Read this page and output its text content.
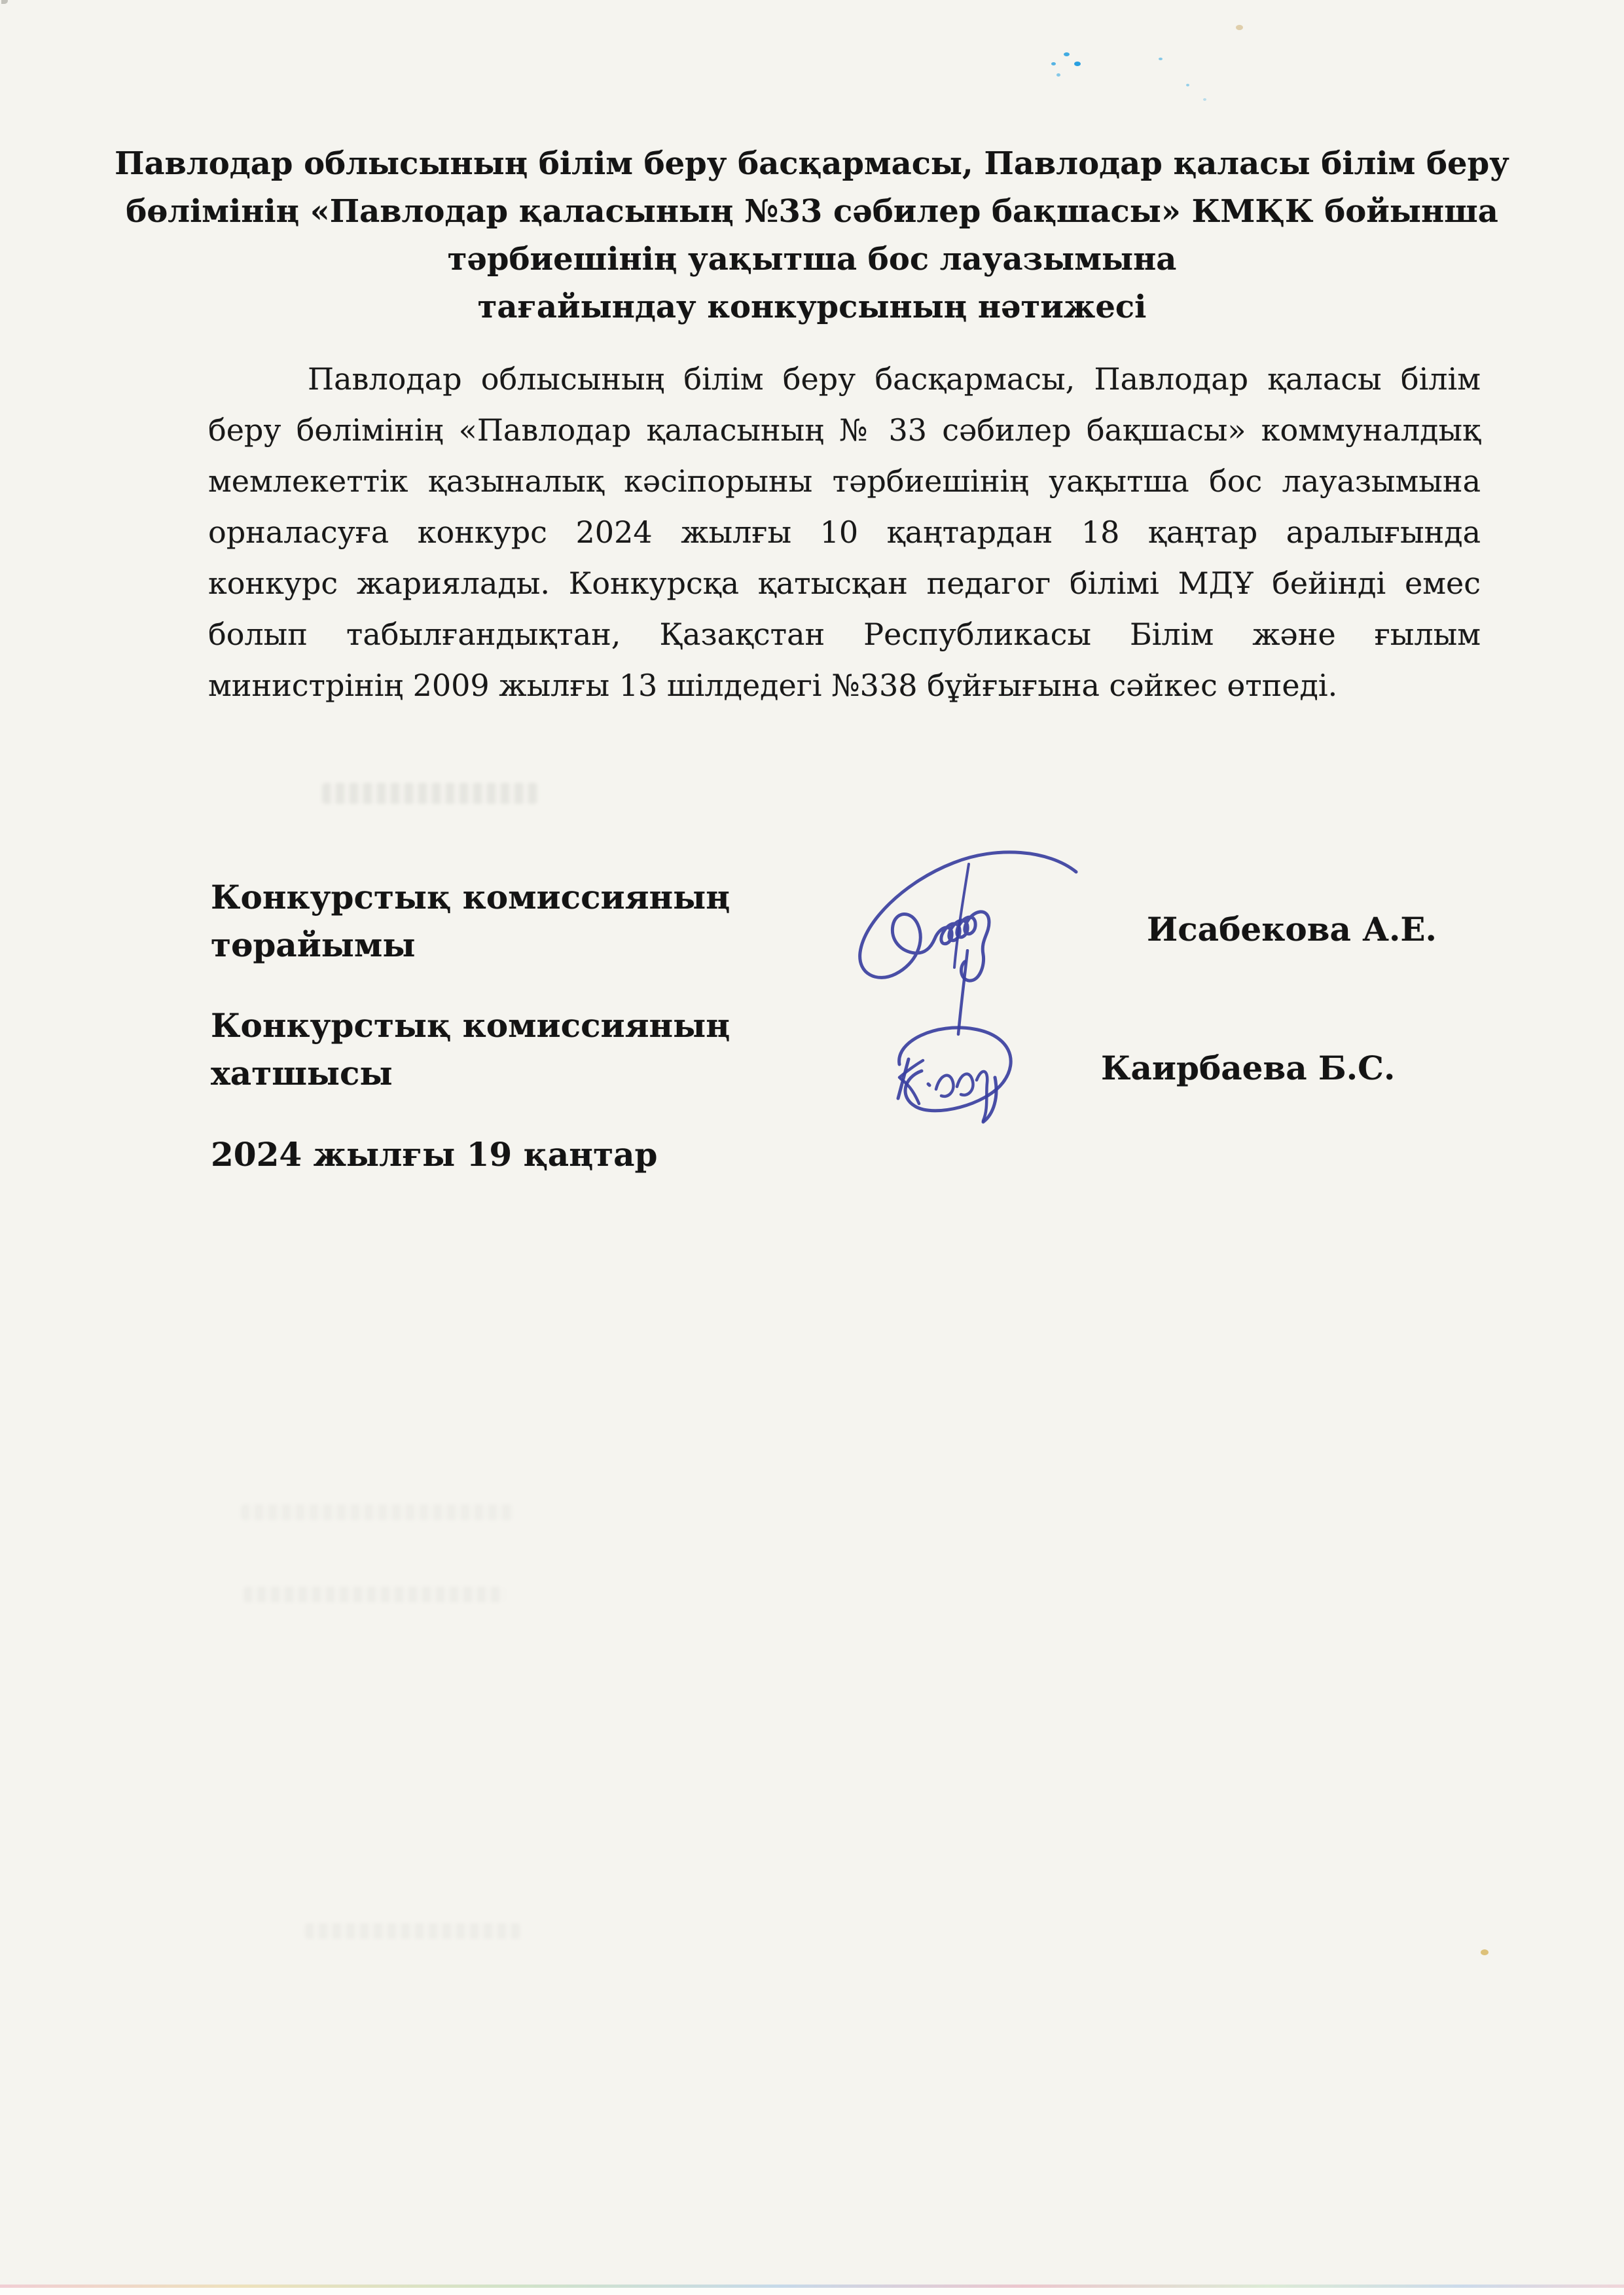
Павлодар облысының білім беру басқармасы, Павлодар қаласы білім беру
бөлімінің «Павлодар қаласының №33 сәбилер бақшасы» КМҚК бойынша
тәрбиешінің уақытша бос лауазымына
тағайындау конкурсының нәтижесі
Павлодар облысының білім беру басқармасы, Павлодар қаласы білім
беру бөлімінің «Павлодар қаласының № 33 сәбилер бақшасы» коммуналдық
мемлекеттік қазыналық кәсіпорыны тәрбиешінің уақытша бос лауазымына
орналасуға конкурс 2024 жылғы 10 қаңтардан 18 қаңтар аралығында
конкурс жариялады. Конкурсқа қатысқан педагог білімі МДҰ бейінді емес
болып табылғандықтан, Қазақстан Республикасы Білім және ғылым
министрінің 2009 жылғы 13 шілдедегі №338 бұйғығына сәйкес өтпеді.
Конкурстық комиссияның
төрайымы	Исабекова А.Е.
Конкурстық комиссияның
хатшысы	Каирбаева Б.С.
2024 жылғы 19 қаңтар
